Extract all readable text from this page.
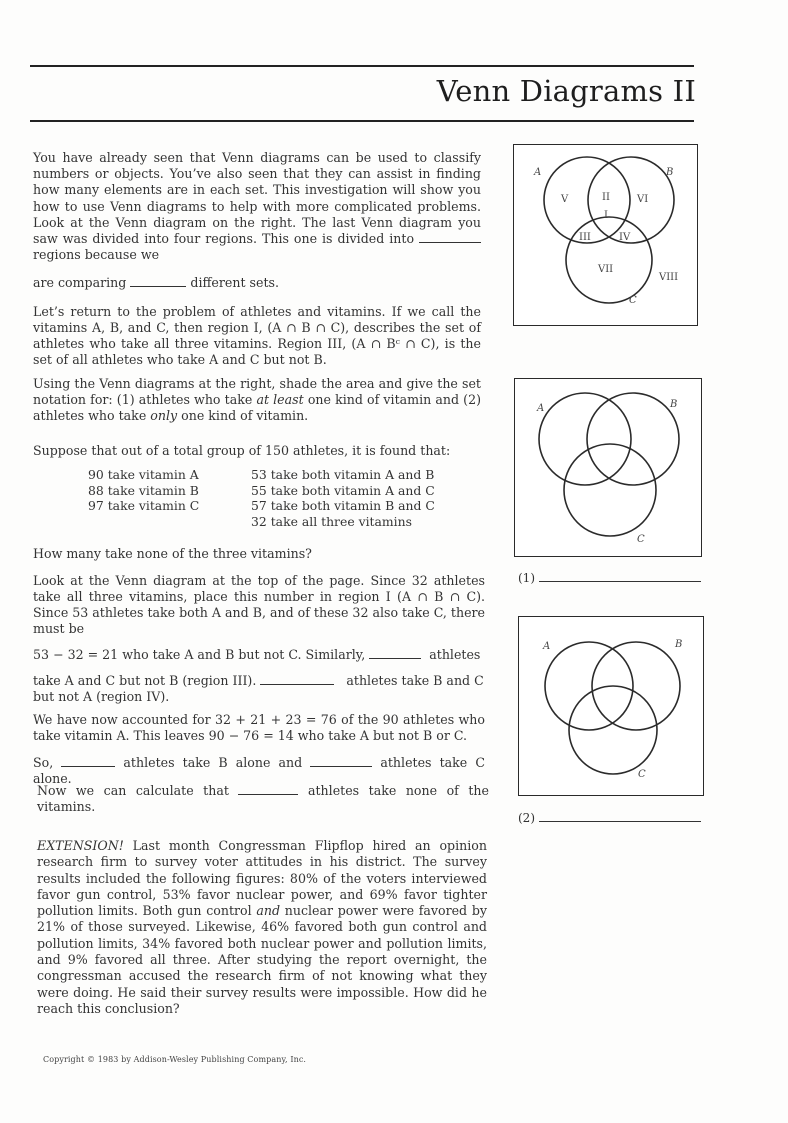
Venn Diagrams II

You have already seen that Venn diagrams can be used to classify numbers or objects. You’ve also seen that they can assist in finding how many elements are in each set. This investigation will show you how to use Venn diagrams to help with more complicated problems. Look at the Venn diagram on the right. The last Venn diagram you saw was divided into four regions. This one is divided into  regions because we

are comparing	different sets.

Let’s return to the problem of athletes and vitamins. If we call the vitamins A, B, and C, then region I, (A ∩ B ∩ C), describes the set of athletes who take all three vitamins. Region III, (A ∩ Bᶜ ∩ C), is the set of all athletes who take A and C but not B.

Using the Venn diagrams at the right, shade the area and give the set notation for: (1) athletes who take at least one kind of vitamin and (2) athletes who take only one kind of vitamin.

Suppose that out of a total group of 150 athletes, it is found that:

90 take vitamin A
88 take vitamin B
97 take vitamin C
53 take both vitamin A and B
55 take both vitamin A and C
57 take both vitamin B and C
32 take all three vitamins

How many take none of the three vitamins?

Look at the Venn diagram at the top of the page. Since 32 athletes take all three vitamins, place this number in region I (A ∩ B ∩ C). Since 53 athletes take both A and B, and of these 32 also take C, there must be

53 − 32 = 21 who take A and B but not C. Similarly,	athletes

take A and C but not B (region III).	athletes take B and C

but not A (region IV).

We have now accounted for 32 + 21 + 23 = 76 of the 90 athletes who take vitamin A. This leaves 90 − 76 = 14 who take A but not B or C.

So,	athletes take B alone and	athletes take C alone.

Now we can calculate that	athletes take none of the vitamins.

EXTENSION! Last month Congressman Flipflop hired an opinion research firm to survey voter attitudes in his district. The survey results included the following figures: 80% of the voters interviewed favor gun control, 53% favor nuclear power, and 69% favor tighter pollution limits. Both gun control and nuclear power were favored by 21% of those surveyed. Likewise, 46% favored both gun control and pollution limits, 34% favored both nuclear power and pollution limits, and 9% favored all three. After studying the report overnight, the congressman accused the research firm of not knowing what they were doing. He said their survey results were impossible. How did he reach this conclusion?

Copyright © 1983 by Addison-Wesley Publishing Company, Inc.
A	B
C
I
II
III	IV
V	VI
VII
VIII
A	B
C
(1)
A	B
C
(2)
